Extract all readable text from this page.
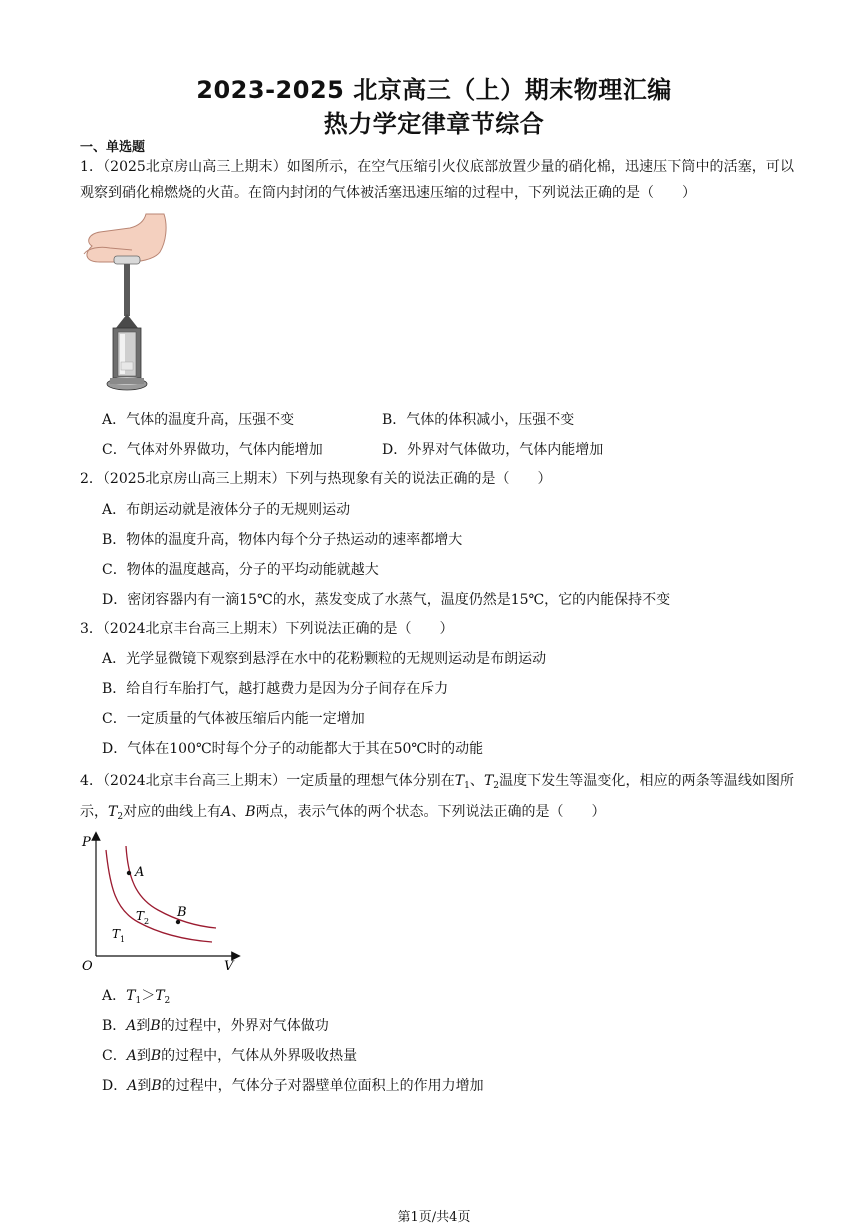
2023-2025 北京高三（上）期末物理汇编
热力学定律章节综合
一、单选题
1．（2025北京房山高三上期末）如图所示，在空气压缩引火仪底部放置少量的硝化棉，迅速压下筒中的活塞，可以观察到硝化棉燃烧的火苗。在筒内封闭的气体被活塞迅速压缩的过程中，下列说法正确的是（　　）
A．气体的温度升高，压强不变	B．气体的体积减小，压强不变
C．气体对外界做功，气体内能增加	D．外界对气体做功，气体内能增加
2．（2025北京房山高三上期末）下列与热现象有关的说法正确的是（　　）
A．布朗运动就是液体分子的无规则运动
B．物体的温度升高，物体内每个分子热运动的速率都增大
C．物体的温度越高，分子的平均动能就越大
D．密闭容器内有一滴15℃的水，蒸发变成了水蒸气，温度仍然是15℃，它的内能保持不变
3．（2024北京丰台高三上期末）下列说法正确的是（　　）
A．光学显微镜下观察到悬浮在水中的花粉颗粒的无规则运动是布朗运动
B．给自行车胎打气，越打越费力是因为分子间存在斥力
C．一定质量的气体被压缩后内能一定增加
D．气体在100℃时每个分子的动能都大于其在50℃时的动能
4．（2024北京丰台高三上期末）一定质量的理想气体分别在$T_1$、$T_2$温度下发生等温变化，相应的两条等温线如图所示，$T_2$对应的曲线上有A、B两点，表示气体的两个状态。下列说法正确的是（　　）
P
V
O
A
B
T 2
T 1
A．$T_1>T_2$
B．A到B的过程中，外界对气体做功
C．A到B的过程中，气体从外界吸收热量
D．A到B的过程中，气体分子对器壁单位面积上的作用力增加
第1页/共4页
